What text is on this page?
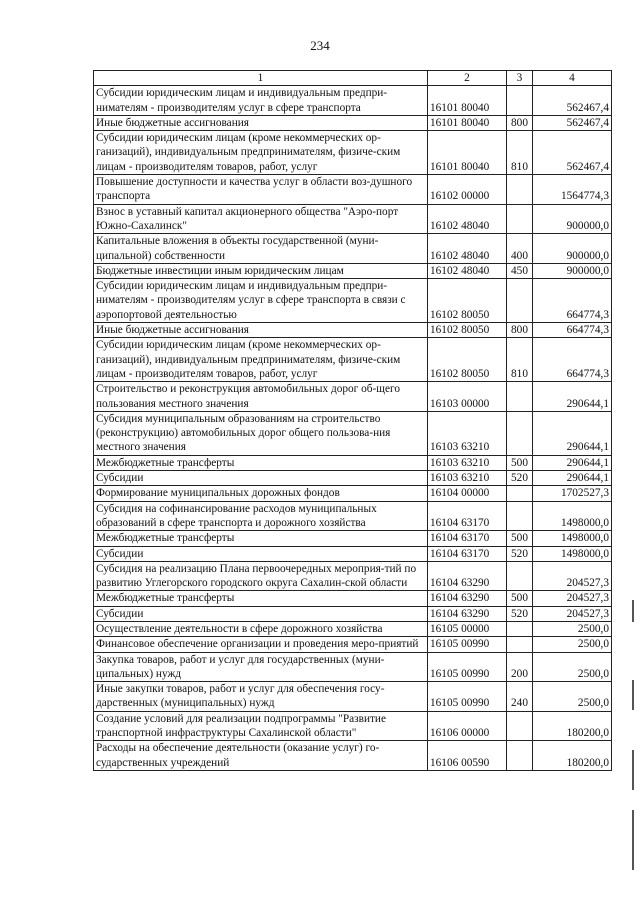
234
1	2	3	4
Субсидии юридическим лицам и индивидуальным предпри-нимателям - производителям услуг в сфере транспорта	16101 80040		562467,4
Иные бюджетные ассигнования	16101 80040	800	562467,4
Субсидии юридическим лицам (кроме некоммерческих ор-ганизаций), индивидуальным предпринимателям, физиче-ским лицам - производителям товаров, работ, услуг	16101 80040	810	562467,4
Повышение доступности и качества услуг в области воз-душного транспорта	16102 00000		1564774,3
Взнос в уставный капитал акционерного общества "Аэро-порт Южно-Сахалинск"	16102 48040		900000,0
Капитальные вложения в объекты государственной (муни-ципальной) собственности	16102 48040	400	900000,0
Бюджетные инвестиции иным юридическим лицам	16102 48040	450	900000,0
Субсидии юридическим лицам и индивидуальным предпри-нимателям - производителям услуг в сфере транспорта в связи с аэропортовой деятельностью	16102 80050		664774,3
Иные бюджетные ассигнования	16102 80050	800	664774,3
Субсидии юридическим лицам (кроме некоммерческих ор-ганизаций), индивидуальным предпринимателям, физиче-ским лицам - производителям товаров, работ, услуг	16102 80050	810	664774,3
Строительство и реконструкция автомобильных дорог об-щего пользования местного значения	16103 00000		290644,1
Субсидия муниципальным образованиям на строительство (реконструкцию) автомобильных дорог общего пользова-ния местного значения	16103 63210		290644,1
Межбюджетные трансферты	16103 63210	500	290644,1
Субсидии	16103 63210	520	290644,1
Формирование муниципальных дорожных фондов	16104 00000		1702527,3
Субсидия на софинансирование расходов муниципальных образований в сфере транспорта и дорожного хозяйства	16104 63170		1498000,0
Межбюджетные трансферты	16104 63170	500	1498000,0
Субсидии	16104 63170	520	1498000,0
Субсидия на реализацию Плана первоочередных мероприя-тий по развитию Углегорского городского округа Сахалин-ской области	16104 63290		204527,3
Межбюджетные трансферты	16104 63290	500	204527,3
Субсидии	16104 63290	520	204527,3
Осуществление деятельности в сфере дорожного хозяйства	16105 00000		2500,0
Финансовое обеспечение организации и проведения меро-приятий	16105 00990		2500,0
Закупка товаров, работ и услуг для государственных (муни-ципальных) нужд	16105 00990	200	2500,0
Иные закупки товаров, работ и услуг для обеспечения госу-дарственных (муниципальных) нужд	16105 00990	240	2500,0
Создание условий для реализации подпрограммы "Развитие транспортной инфраструктуры Сахалинской области"	16106 00000		180200,0
Расходы на обеспечение деятельности (оказание услуг) го-сударственных учреждений	16106 00590		180200,0
